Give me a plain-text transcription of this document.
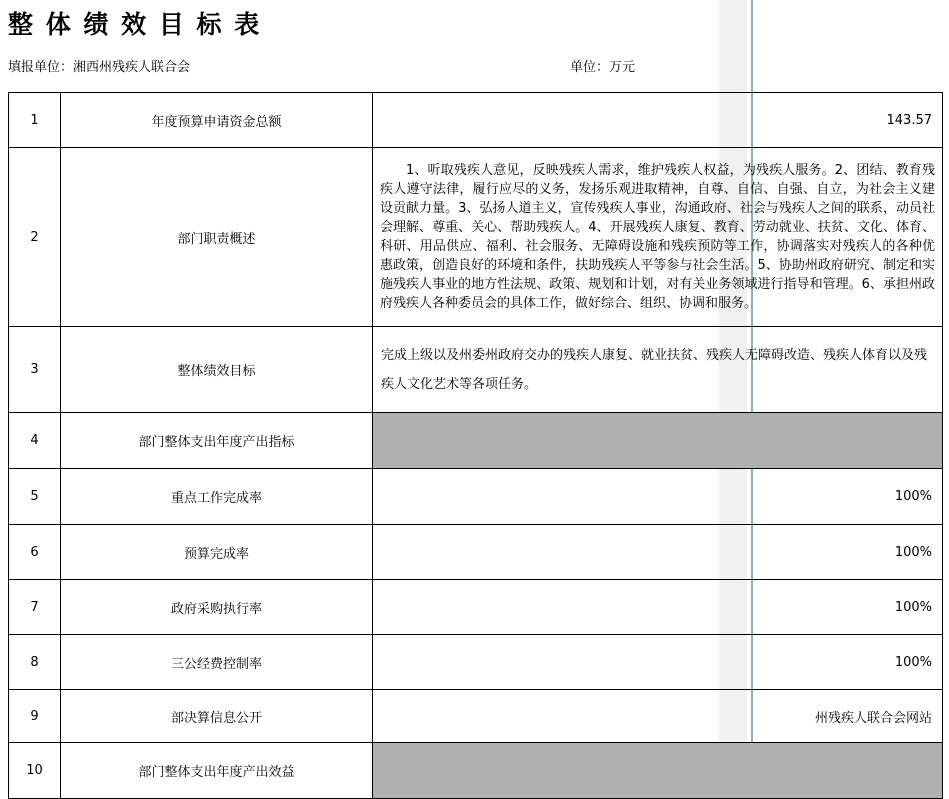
整 体 绩 效 目 标 表
填报单位：湘西州残疾人联合会	单位：万元
1	年度预算申请资金总额	143.57
2	部门职责概述	1、听取残疾人意见，反映残疾人需求，维护残疾人权益，为残疾人服务。2、团结、教育残疾人遵守法律，履行应尽的义务，发扬乐观进取精神，自尊、自信、自强、自立，为社会主义建设贡献力量。3、弘扬人道主义，宣传残疾人事业，沟通政府、社会与残疾人之间的联系，动员社会理解、尊重、关心、帮助残疾人。4、开展残疾人康复、教育、劳动就业、扶贫、文化、体育、科研、用品供应、福利、社会服务、无障碍设施和残疾预防等工作，协调落实对残疾人的各种优惠政策，创造良好的环境和条件，扶助残疾人平等参与社会生活。5、协助州政府研究、制定和实施残疾人事业的地方性法规、政策、规划和计划，对有关业务领域进行指导和管理。6、承担州政府残疾人各种委员会的具体工作，做好综合、组织、协调和服务。
3	整体绩效目标	完成上级以及州委州政府交办的残疾人康复、就业扶贫、残疾人无障碍改造、残疾人体育以及残疾人文化艺术等各项任务。
4	部门整体支出年度产出指标	
5	重点工作完成率	100%
6	预算完成率	100%
7	政府采购执行率	100%
8	三公经费控制率	100%
9	部决算信息公开	州残疾人联合会网站
10	部门整体支出年度产出效益	
